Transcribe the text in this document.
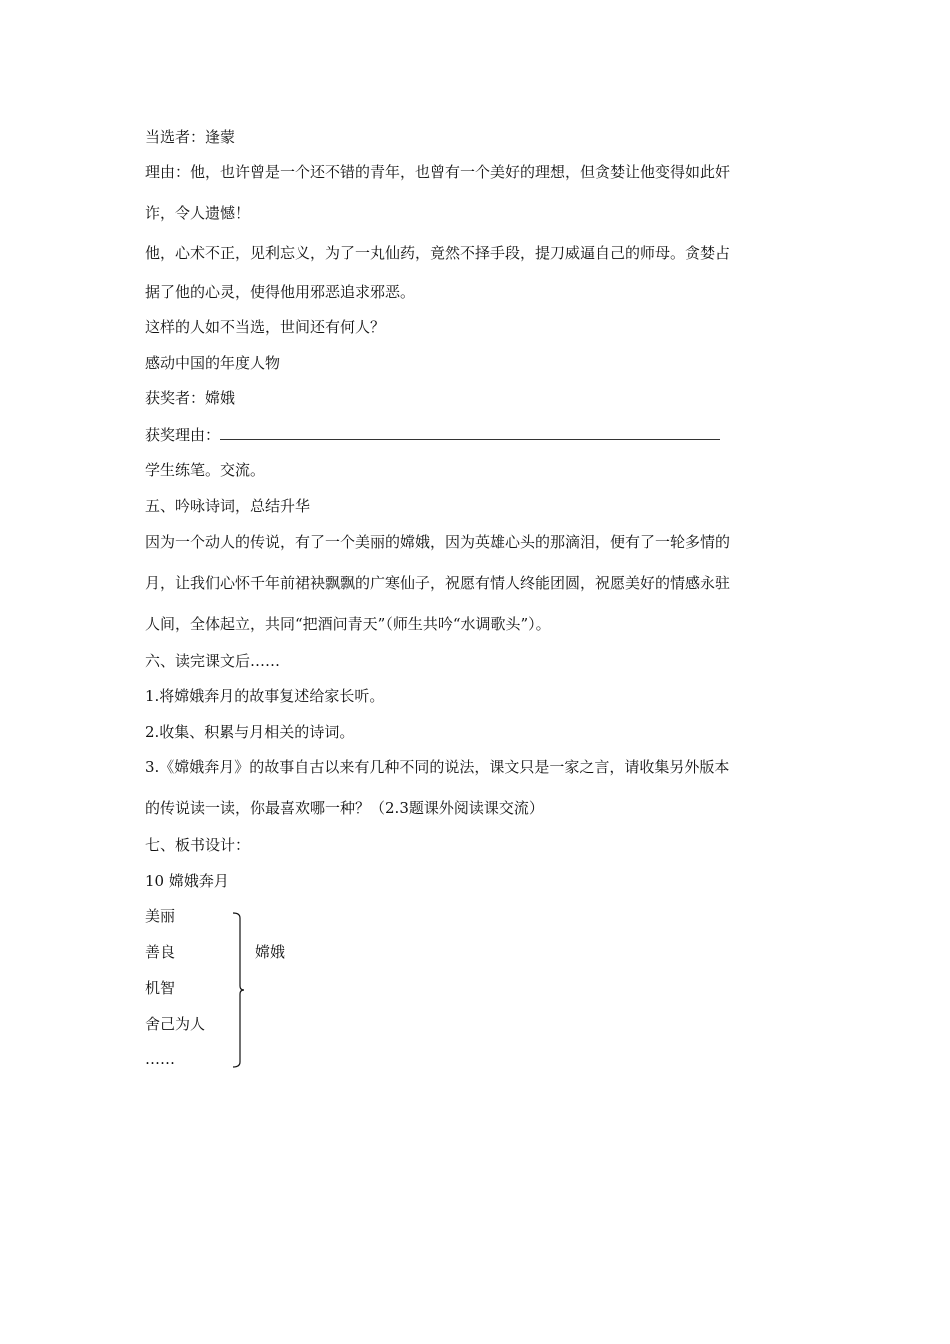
当选者：逢蒙
理由：他，也许曾是一个还不错的青年，也曾有一个美好的理想，但贪婪让他变得如此奸
诈，令人遗憾！
他，心术不正，见利忘义，为了一丸仙药，竟然不择手段，提刀威逼自己的师母。贪婪占
据了他的心灵，使得他用邪恶追求邪恶。
这样的人如不当选，世间还有何人？
感动中国的年度人物
获奖者：嫦娥
获奖理由：
学生练笔。交流。
五、吟咏诗词，总结升华
因为一个动人的传说，有了一个美丽的嫦娥，因为英雄心头的那滴泪，便有了一轮多情的
月，让我们心怀千年前裙袂飘飘的广寒仙子，祝愿有情人终能团圆，祝愿美好的情感永驻
人间，全体起立，共同“把酒问青天”（师生共吟“水调歌头”）。
六、读完课文后……
1.将嫦娥奔月的故事复述给家长听。
2.收集、积累与月相关的诗词。
3.《嫦娥奔月》的故事自古以来有几种不同的说法，课文只是一家之言，请收集另外版本
的传说读一读，你最喜欢哪一种？（2.3题课外阅读课交流）
七、板书设计：
10 嫦娥奔月
美丽
善良
机智
舍己为人
……
嫦娥
